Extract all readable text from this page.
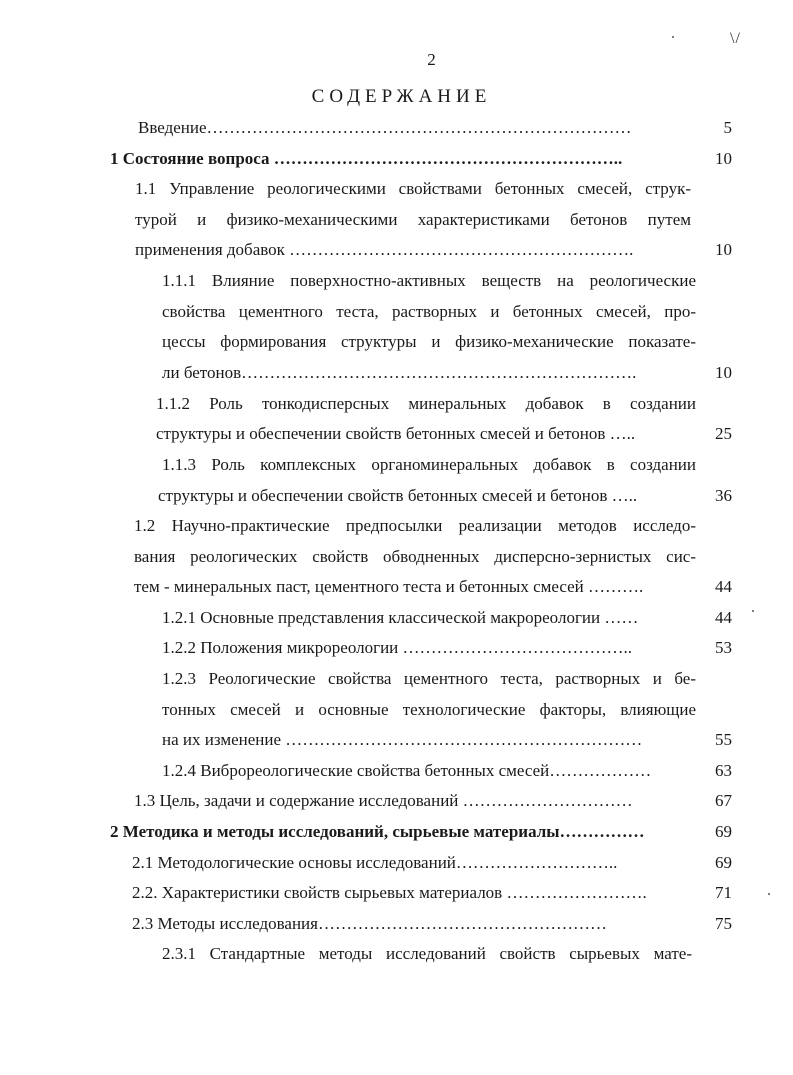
2
\/
СОДЕРЖАНИЕ
Введение…………………………………………………………………	5
1 Состояние вопроса ……………………………………………………..	10
1.1 Управление реологическими свойствами бетонных смесей, струк-
турой и физико-механическими характеристиками бетонов путем
применения добавок …………………………………………………….	10
1.1.1 Влияние поверхностно-активных веществ на реологические
свойства цементного теста, растворных и бетонных смесей, про-
цессы формирования структуры и физико-механические показате-
ли бетонов…………………………………………………………….	10
1.1.2 Роль тонкодисперсных минеральных добавок в создании
структуры и обеспечении свойств бетонных смесей и бетонов …..	25
1.1.3 Роль комплексных органоминеральных добавок в создании
структуры и обеспечении свойств бетонных смесей и бетонов …..	36
1.2 Научно-практические предпосылки реализации методов исследо-
вания реологических свойств обводненных дисперсно-зернистых сис-
тем - минеральных паст, цементного теста и бетонных смесей ……….	44
1.2.1 Основные представления классической макрореологии ……	44
1.2.2 Положения микрореологии …………………………………..	53
1.2.3 Реологические свойства цементного теста, растворных и бе-
тонных смесей и основные технологические факторы, влияющие
на их изменение ………………………………………………………	55
1.2.4 Виброреологические свойства бетонных смесей………………	63
1.3 Цель, задачи и содержание исследований …………………………	67
2 Методика и методы исследований, сырьевые материалы……………	69
2.1 Методологические основы исследований………………………..	69
2.2. Характеристики свойств сырьевых материалов …………………….	71
2.3 Методы исследования……………………………………………	75
2.3.1 Стандартные методы исследований свойств сырьевых мате-
